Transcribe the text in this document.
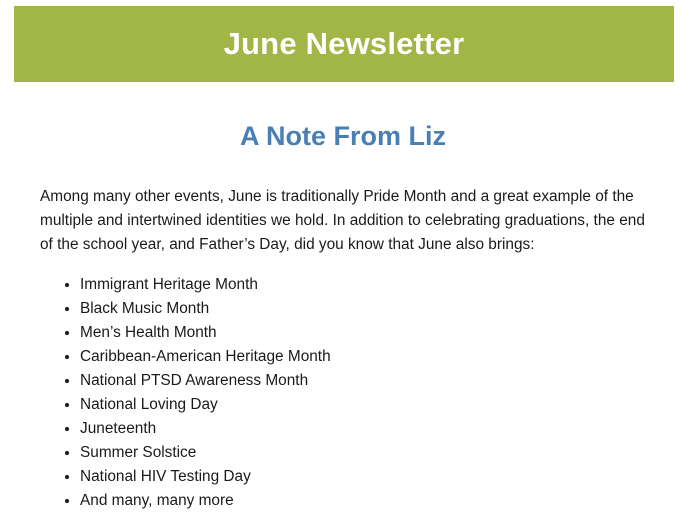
June Newsletter
A Note From Liz

Among many other events, June is traditionally Pride Month and a great example of the multiple and intertwined identities we hold. In addition to celebrating graduations, the end of the school year, and Father’s Day, did you know that June also brings:

• Immigrant Heritage Month
• Black Music Month
• Men’s Health Month
• Caribbean-American Heritage Month
• National PTSD Awareness Month
• National Loving Day
• Juneteenth
• Summer Solstice
• National HIV Testing Day
• And many, many more
